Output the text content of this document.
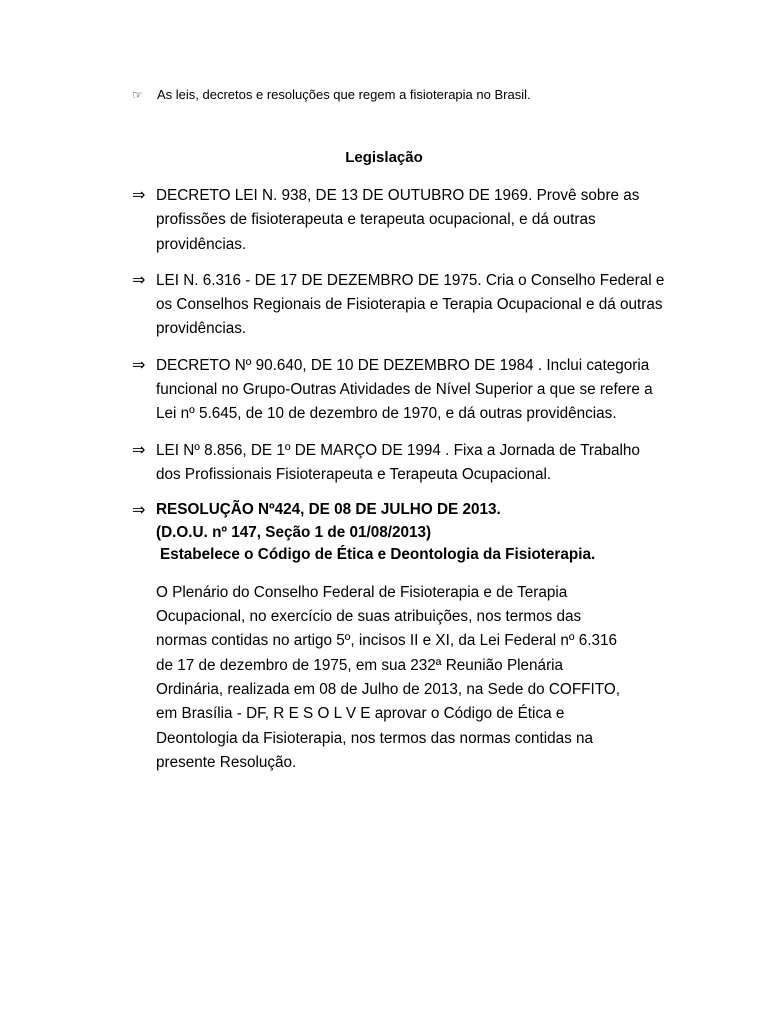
☞	As leis, decretos e resoluções que regem a fisioterapia no Brasil.
Legislação
⇒ DECRETO LEI N. 938, DE 13 DE OUTUBRO DE 1969. Provê sobre as profissões de fisioterapeuta e terapeuta ocupacional, e dá outras providências.
⇒ LEI N. 6.316 - DE 17 DE DEZEMBRO DE 1975. Cria o Conselho Federal e os Conselhos Regionais de Fisioterapia e Terapia Ocupacional e dá outras providências.
⇒ DECRETO Nº 90.640, DE 10 DE DEZEMBRO DE 1984 . Inclui categoria funcional no Grupo-Outras Atividades de Nível Superior a que se refere a Lei nº 5.645, de 10 de dezembro de 1970, e dá outras providências.
⇒ LEI Nº 8.856, DE 1º DE MARÇO DE 1994 . Fixa a Jornada de Trabalho dos Profissionais Fisioterapeuta e Terapeuta Ocupacional.
⇒ RESOLUÇÃO Nº424, DE 08 DE JULHO DE 2013.
(D.O.U. nº 147, Seção 1 de 01/08/2013)
Estabelece o Código de Ética e Deontologia da Fisioterapia.
O Plenário do Conselho Federal de Fisioterapia e de Terapia
Ocupacional, no exercício de suas atribuições, nos termos das
normas contidas no artigo 5º, incisos II e XI, da Lei Federal nº 6.316
de 17 de dezembro de 1975, em sua 232ª Reunião Plenária
Ordinária, realizada em 08 de Julho de 2013, na Sede do COFFITO,
em Brasília - DF, R E S O L V E aprovar o Código de Ética e
Deontologia da Fisioterapia, nos termos das normas contidas na
presente Resolução.
